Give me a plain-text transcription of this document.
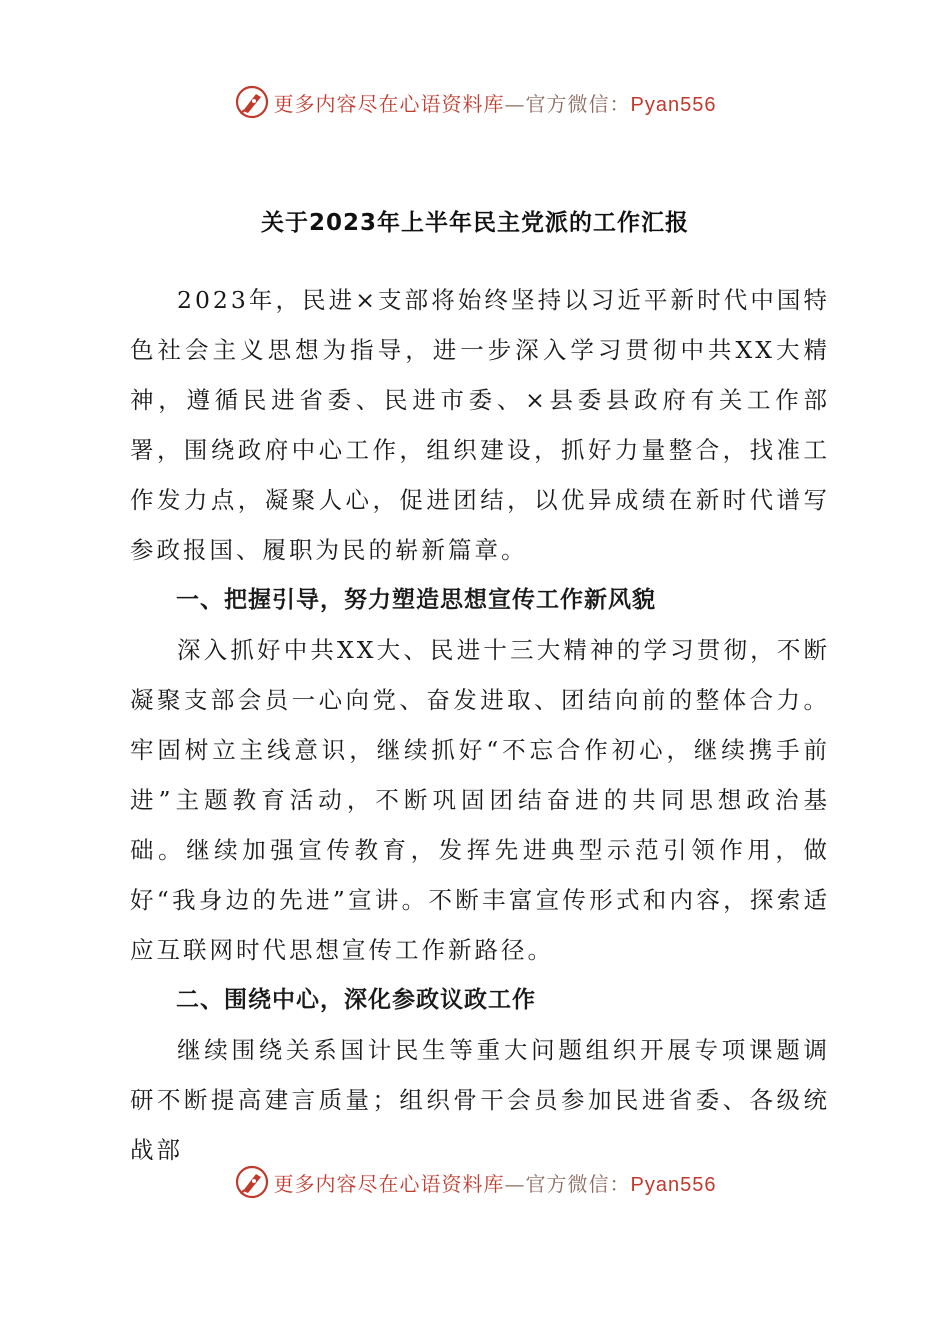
更多内容尽在心语资料库—官方微信：Pyan556
关于2023年上半年民主党派的工作汇报

2023年，民进×支部将始终坚持以习近平新时代中国特色社会主义思想为指导，进一步深入学习贯彻中共XX大精神，遵循民进省委、民进市委、×县委县政府有关工作部署，围绕政府中心工作，组织建设，抓好力量整合，找准工作发力点，凝聚人心，促进团结，以优异成绩在新时代谱写参政报国、履职为民的崭新篇章。

一、把握引导，努力塑造思想宣传工作新风貌

深入抓好中共XX大、民进十三大精神的学习贯彻，不断凝聚支部会员一心向党、奋发进取、团结向前的整体合力。牢固树立主线意识，继续抓好“不忘合作初心，继续携手前进”主题教育活动，不断巩固团结奋进的共同思想政治基础。继续加强宣传教育，发挥先进典型示范引领作用，做好“我身边的先进”宣讲。不断丰富宣传形式和内容，探索适应互联网时代思想宣传工作新路径。

二、围绕中心，深化参政议政工作

继续围绕关系国计民生等重大问题组织开展专项课题调研不断提高建言质量；组织骨干会员参加民进省委、各级统战部

更多内容尽在心语资料库—官方微信：Pyan556
